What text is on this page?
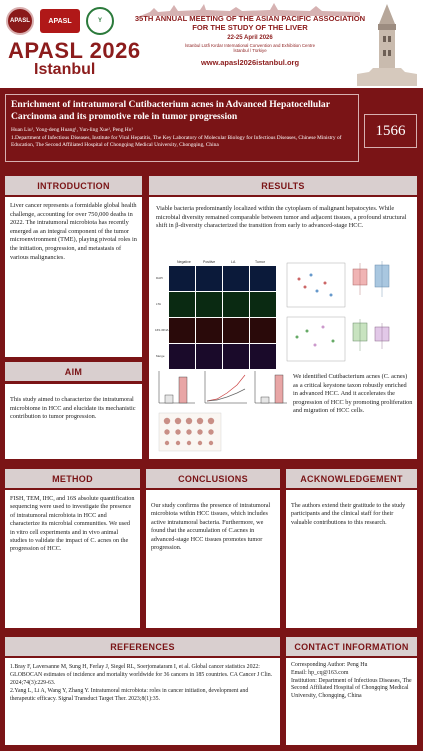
APASL	APASL	Y
APASL 2026
Istanbul
35TH ANNUAL MEETING OF THE ASIAN PACIFIC ASSOCIATION
FOR THE STUDY OF THE LIVER
22-25 April 2026
İstanbul Lütfi Kırdar International Convention and Exhibition Centre
İstanbul / Türkiye
www.apasl2026istanbul.org
Enrichment of intratumoral Cutibacterium acnes in Advanced Hepatocellular Carcinoma and its promotive role in tumor progression
Huan Liu¹, Yong-deng Huang¹, Yun-ling Xue¹, Peng Hu¹
1.Department of Infectious Diseases, Institute for Viral Hepatitis, The Key Laboratory of Molecular Biology for Infectious Diseases, Chinese Ministry of Education, The Second Affiliated Hospital of Chongqing Medical University, Chongqing, China
1566
INTRODUCTION
Liver cancer represents a formidable global health challenge, accounting for over 750,000 deaths in 2022. The intratumoral microbiota has recently emerged as an integral component of the tumor microenvironment (TME), playing pivotal roles in the initiation, progression, and metastasis of various malignancies.
AIM
This study aimed to characterize the intratumoral microbiome in HCC and elucidate its mechanistic contribution to tumor progression.
RESULTS
Viable bacteria predominantly localized within the cytoplasm of malignant hepatocytes. While microbial diversity remained comparable between tumor and adjacent tissues, a profound structural shift in β-diversity characterized the transition from early to advanced-stage HCC.
Negative	Positive	LA	Tumor
DAPI
LTA
16S rRNA
Merge
We identified Cutibacterium acnes (C. acnes) as a critical keystone taxon robustly enriched in advanced HCC. And it accelerates the progression of HCC by promoting proliferation and migration of HCC cells.
METHOD
FISH, TEM, IHC, and 16S absolute quantification sequencing were used to investigate the presence of intratumoral microbiota in HCC and characterize its microbial communities. We used in vitro cell experiments and in vivo animal studies to validate the impact of C. acnes on the progression of HCC.
CONCLUSIONS
Our study confirms the presence of intratumoral microbiota within HCC tissues, which includes active intratumoral bacteria. Furthermore, we found that the accumulation of C.acnes in advanced-stage HCC tissues promotes tumor progression.
ACKNOWLEDGEMENT
The authors extend their gratitude to the study participants and the clinical staff for their valuable contributions to this research.
REFERENCES
1.Bray F, Laversanne M, Sung H, Ferlay J, Siegel RL, Soerjomataram I, et al. Global cancer statistics 2022: GLOBOCAN estimates of incidence and mortality worldwide for 36 cancers in 185 countries. CA Cancer J Clin. 2024;74(3):229-63.
2.Yang L, Li A, Wang Y, Zhang Y. Intratumoral microbiota: roles in cancer initiation, development and therapeutic efficacy. Signal Transduct Target Ther. 2023;8(1):35.
CONTACT INFORMATION
Corresponding Author: Peng Hu
Email: hp_cq@163.com
Institution: Department of Infectious Diseases, The Second Affiliated Hospital of Chongqing Medical University, Chongqing, China
